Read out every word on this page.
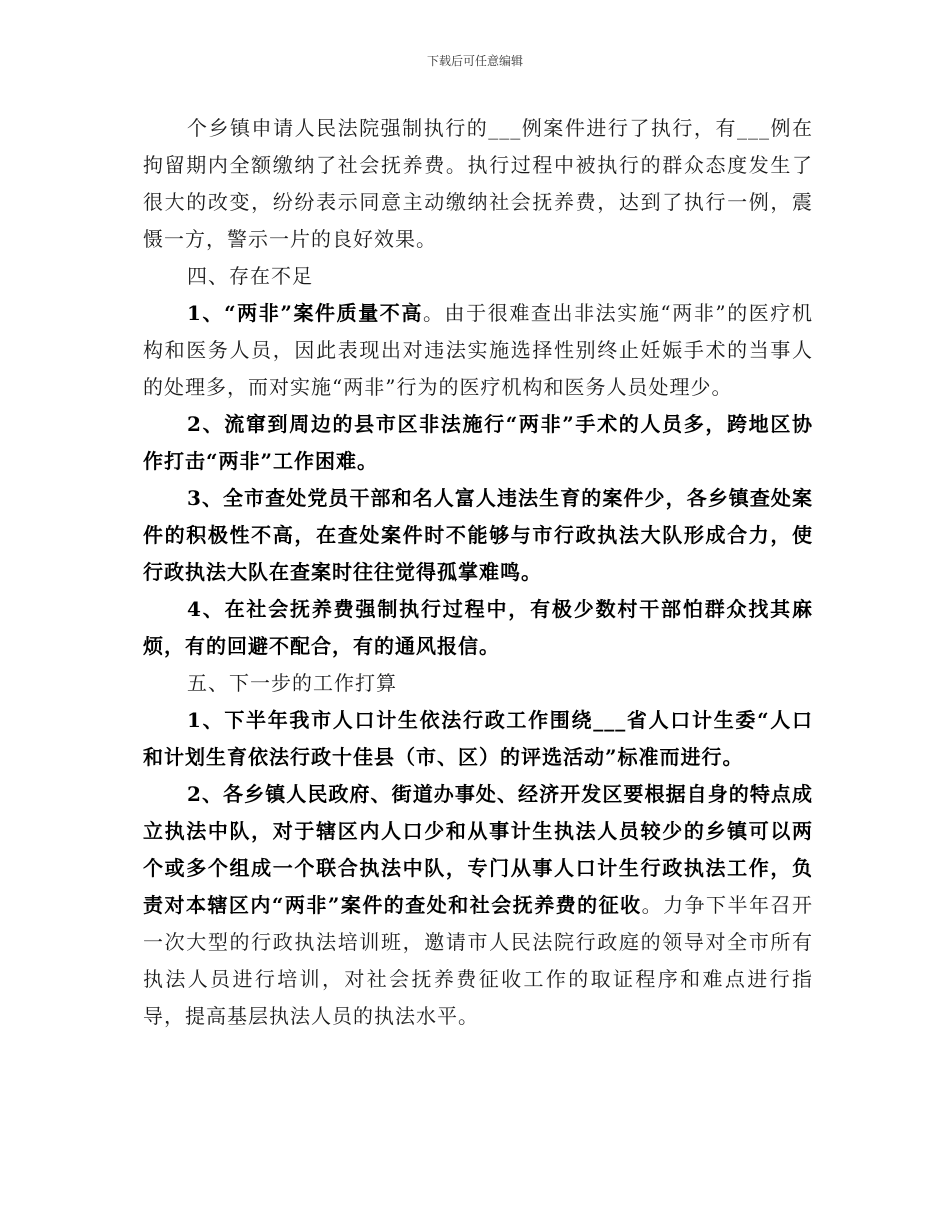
下载后可任意编辑

个乡镇申请人民法院强制执行的___例案件进行了执行，有___例在拘留期内全额缴纳了社会抚养费。执行过程中被执行的群众态度发生了很大的改变，纷纷表示同意主动缴纳社会抚养费，达到了执行一例，震慑一方，警示一片的良好效果。

四、存在不足

1、“两非”案件质量不高。由于很难查出非法实施“两非”的医疗机构和医务人员，因此表现出对违法实施选择性别终止妊娠手术的当事人的处理多，而对实施“两非”行为的医疗机构和医务人员处理少。

2、流窜到周边的县市区非法施行“两非”手术的人员多，跨地区协作打击“两非”工作困难。

3、全市查处党员干部和名人富人违法生育的案件少，各乡镇查处案件的积极性不高，在查处案件时不能够与市行政执法大队形成合力，使行政执法大队在查案时往往觉得孤掌难鸣。

4、在社会抚养费强制执行过程中，有极少数村干部怕群众找其麻烦，有的回避不配合，有的通风报信。

五、下一步的工作打算

1、下半年我市人口计生依法行政工作围绕___省人口计生委“人口和计划生育依法行政十佳县（市、区）的评选活动”标准而进行。

2、各乡镇人民政府、街道办事处、经济开发区要根据自身的特点成立执法中队，对于辖区内人口少和从事计生执法人员较少的乡镇可以两个或多个组成一个联合执法中队，专门从事人口计生行政执法工作，负责对本辖区内“两非”案件的查处和社会抚养费的征收。力争下半年召开一次大型的行政执法培训班，邀请市人民法院行政庭的领导对全市所有执法人员进行培训，对社会抚养费征收工作的取证程序和难点进行指导，提高基层执法人员的执法水平。
